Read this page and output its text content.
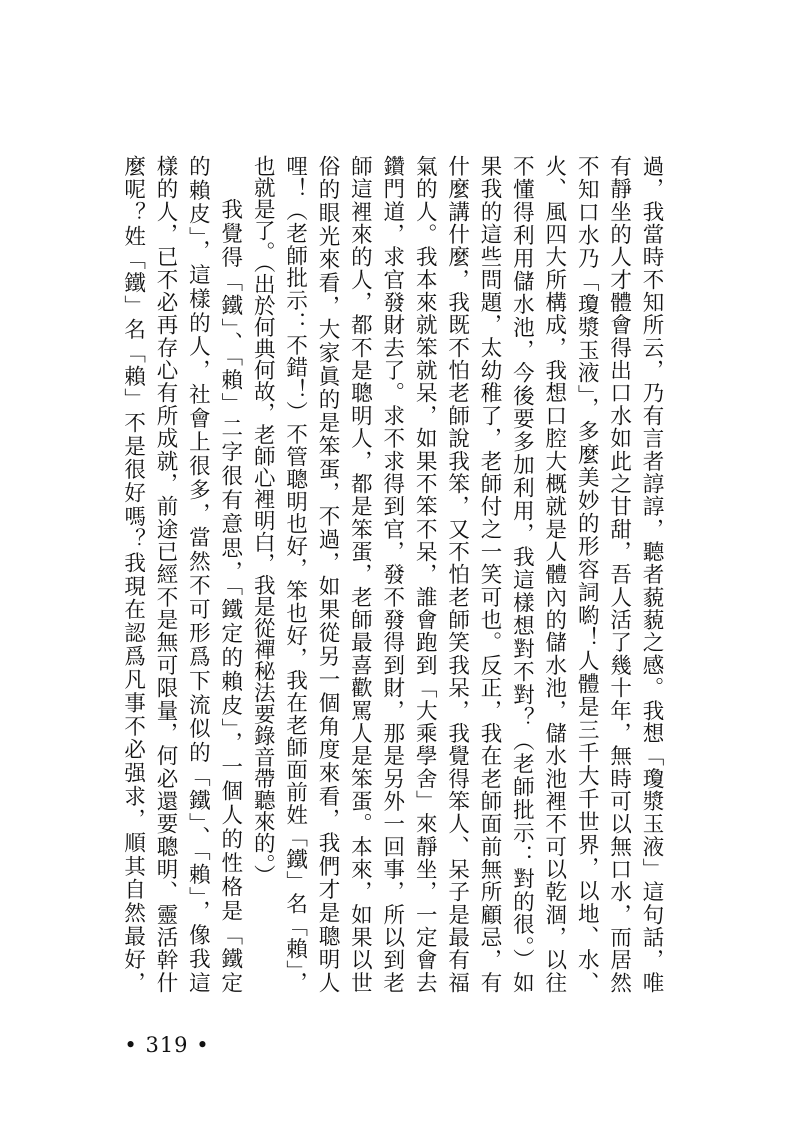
過，我當時不知所云，乃有言者諄諄，聽者藐藐之感。我想「瓊漿玉液」這句話，唯
有靜坐的人才體會得出口水如此之甘甜，吾人活了幾十年，無時可以無口水，而居然
不知口水乃「瓊漿玉液」，多麼美妙的形容詞喲！人體是三千大千世界，以地、水、
火、風四大所構成，我想口腔大概就是人體內的儲水池，儲水池裡不可以乾涸，以往
不懂得利用儲水池，今後要多加利用，我這樣想對不對？（老師批示：對的很。）如
果我的這些問題，太幼稚了，老師付之一笑可也。反正，我在老師面前無所顧忌，有
什麼講什麼，我既不怕老師說我笨，又不怕老師笑我呆，我覺得笨人、呆子是最有福
氣的人。我本來就笨就呆，如果不笨不呆，誰會跑到「大乘學舍」來靜坐，一定會去
鑽門道，求官發財去了。求不求得到官，發不發得到財，那是另外一回事，所以到老
師這裡來的人，都不是聰明人，都是笨蛋，老師最喜歡罵人是笨蛋。本來，如果以世
俗的眼光來看，大家眞的是笨蛋，不過，如果從另一個角度來看，我們才是聰明人
哩！（老師批示：不錯！）不管聰明也好，笨也好，我在老師面前姓「鐵」名「賴」，
也就是了。（出於何典何故，老師心裡明白，我是從禪秘法要錄音帶聽來的。）
我覺得「鐵」、「賴」二字很有意思，「鐵定的賴皮」，一個人的性格是「鐵定
的賴皮」，這樣的人，社會上很多，當然不可形爲下流似的「鐵」、「賴」，像我這
樣的人，已不必再存心有所成就，前途已經不是無可限量，何必還要聰明、靈活幹什
麼呢？姓「鐵」名「賴」不是很好嗎？我現在認爲凡事不必强求，順其自然最好，
• 319 •
